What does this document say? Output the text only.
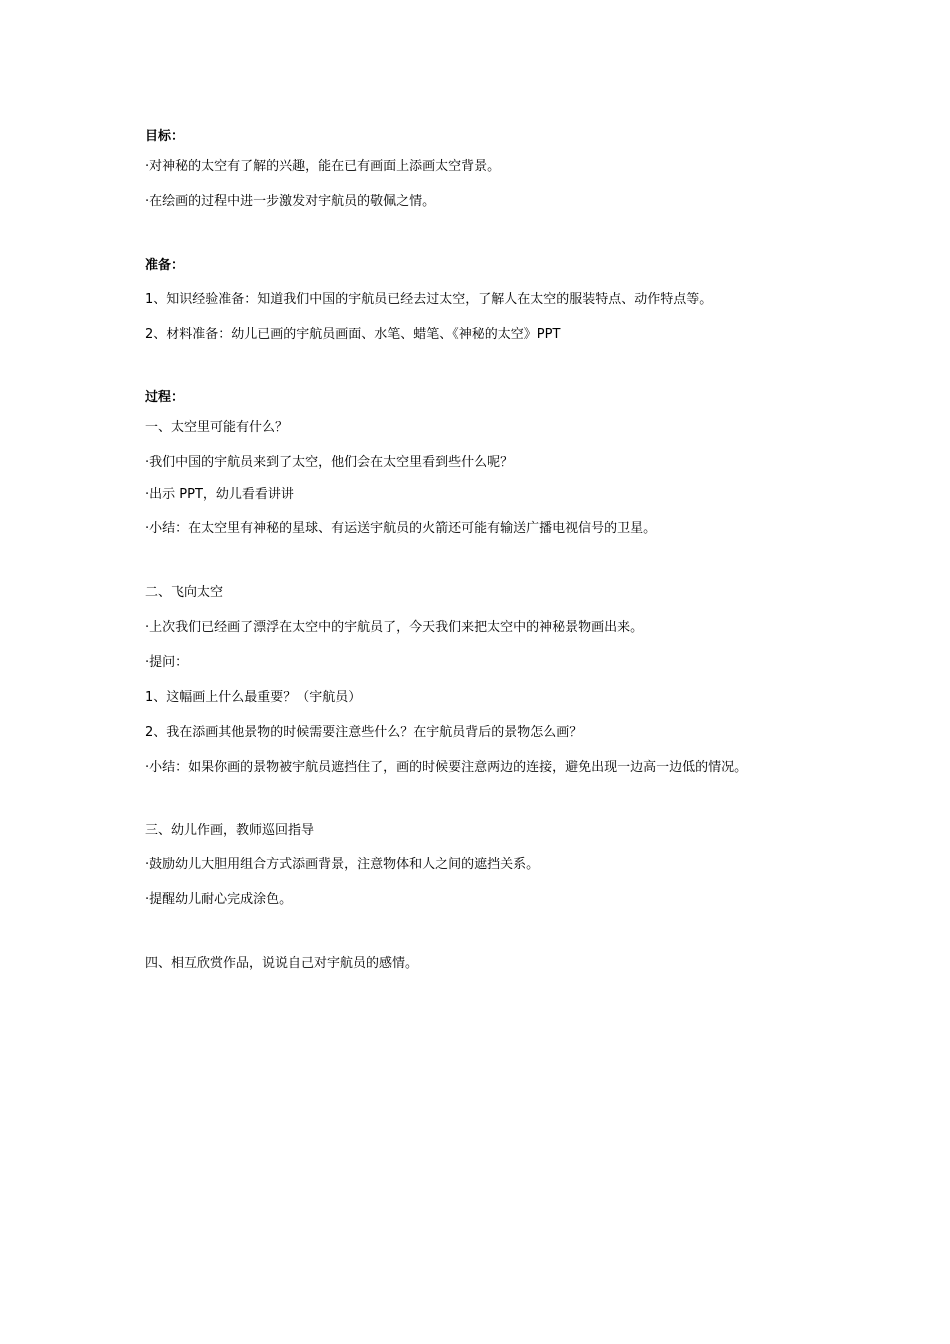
目标：
·对神秘的太空有了解的兴趣，能在已有画面上添画太空背景。
·在绘画的过程中进一步激发对宇航员的敬佩之情。
准备：
1、知识经验准备：知道我们中国的宇航员已经去过太空，了解人在太空的服装特点、动作特点等。
2、材料准备：幼儿已画的宇航员画面、水笔、蜡笔、《神秘的太空》PPT
过程：
一、太空里可能有什么？
·我们中国的宇航员来到了太空，他们会在太空里看到些什么呢？
·出示 PPT，幼儿看看讲讲
·小结：在太空里有神秘的星球、有运送宇航员的火箭还可能有输送广播电视信号的卫星。
二、飞向太空
·上次我们已经画了漂浮在太空中的宇航员了，今天我们来把太空中的神秘景物画出来。
·提问：
1、这幅画上什么最重要？（宇航员）
2、我在添画其他景物的时候需要注意些什么？在宇航员背后的景物怎么画？
·小结：如果你画的景物被宇航员遮挡住了，画的时候要注意两边的连接，避免出现一边高一边低的情况。
三、幼儿作画，教师巡回指导
·鼓励幼儿大胆用组合方式添画背景，注意物体和人之间的遮挡关系。
·提醒幼儿耐心完成涂色。
四、相互欣赏作品，说说自己对宇航员的感情。
